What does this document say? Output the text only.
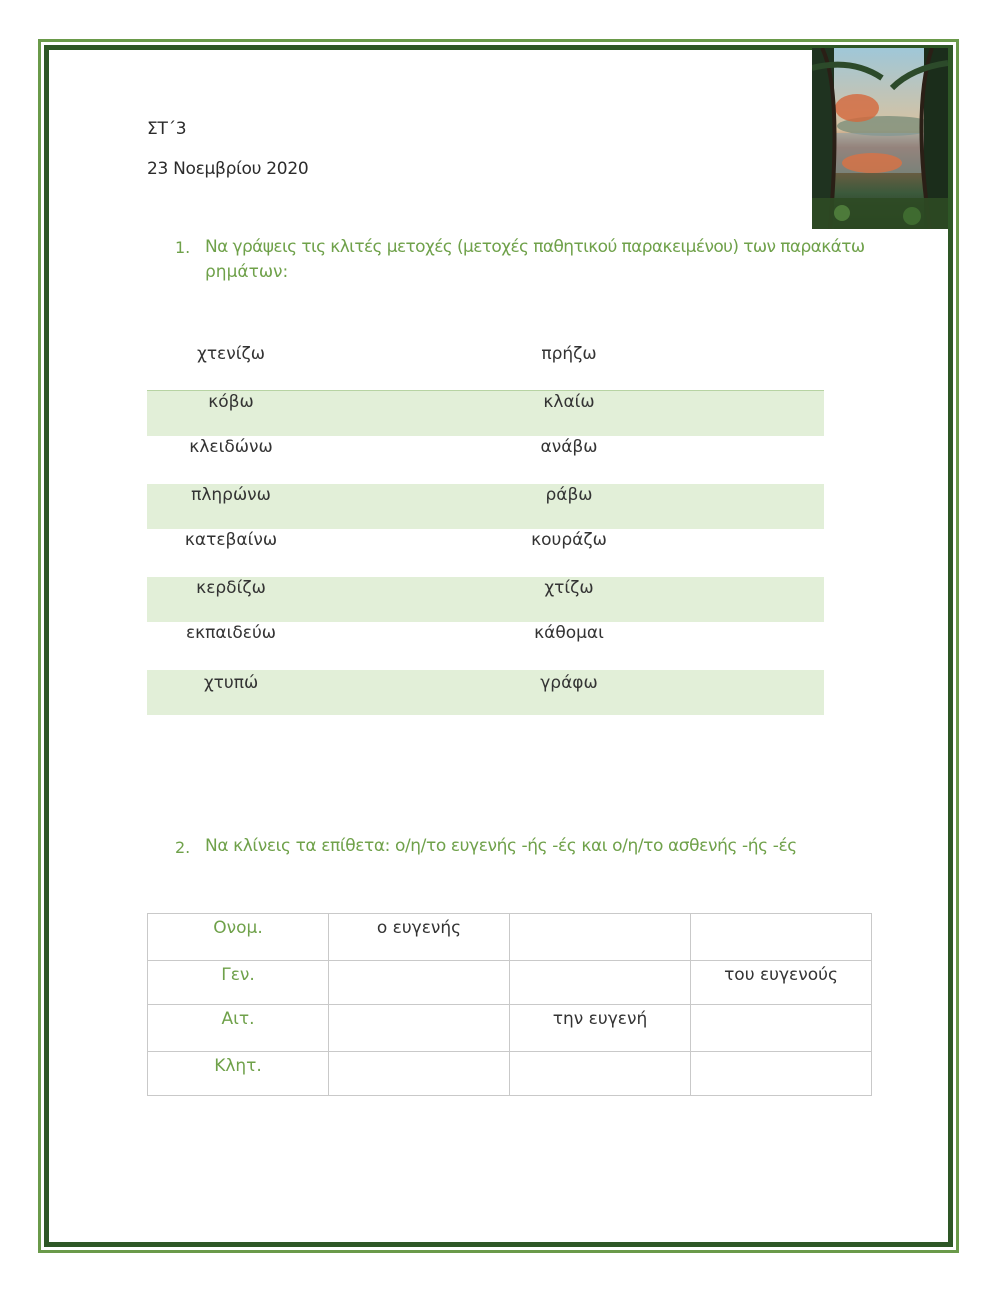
ΣΤ΄3
23 Νοεμβρίου 2020
1. Να γράψεις τις κλιτές μετοχές (μετοχές παθητικού παρακειμένου) των παρακάτω
ρημάτων:
χτενίζω	πρήζω
κόβω	κλαίω
κλειδώνω	ανάβω
πληρώνω	ράβω
κατεβαίνω	κουράζω
κερδίζω	χτίζω
εκπαιδεύω	κάθομαι
χτυπώ	γράφω
2. Να κλίνεις τα επίθετα: ο/η/το ευγενής -ής -ές και ο/η/το ασθενής -ής -ές
Ονομ.	ο ευγενής		
Γεν.			του ευγενούς
Αιτ.		την ευγενή	
Κλητ.			
